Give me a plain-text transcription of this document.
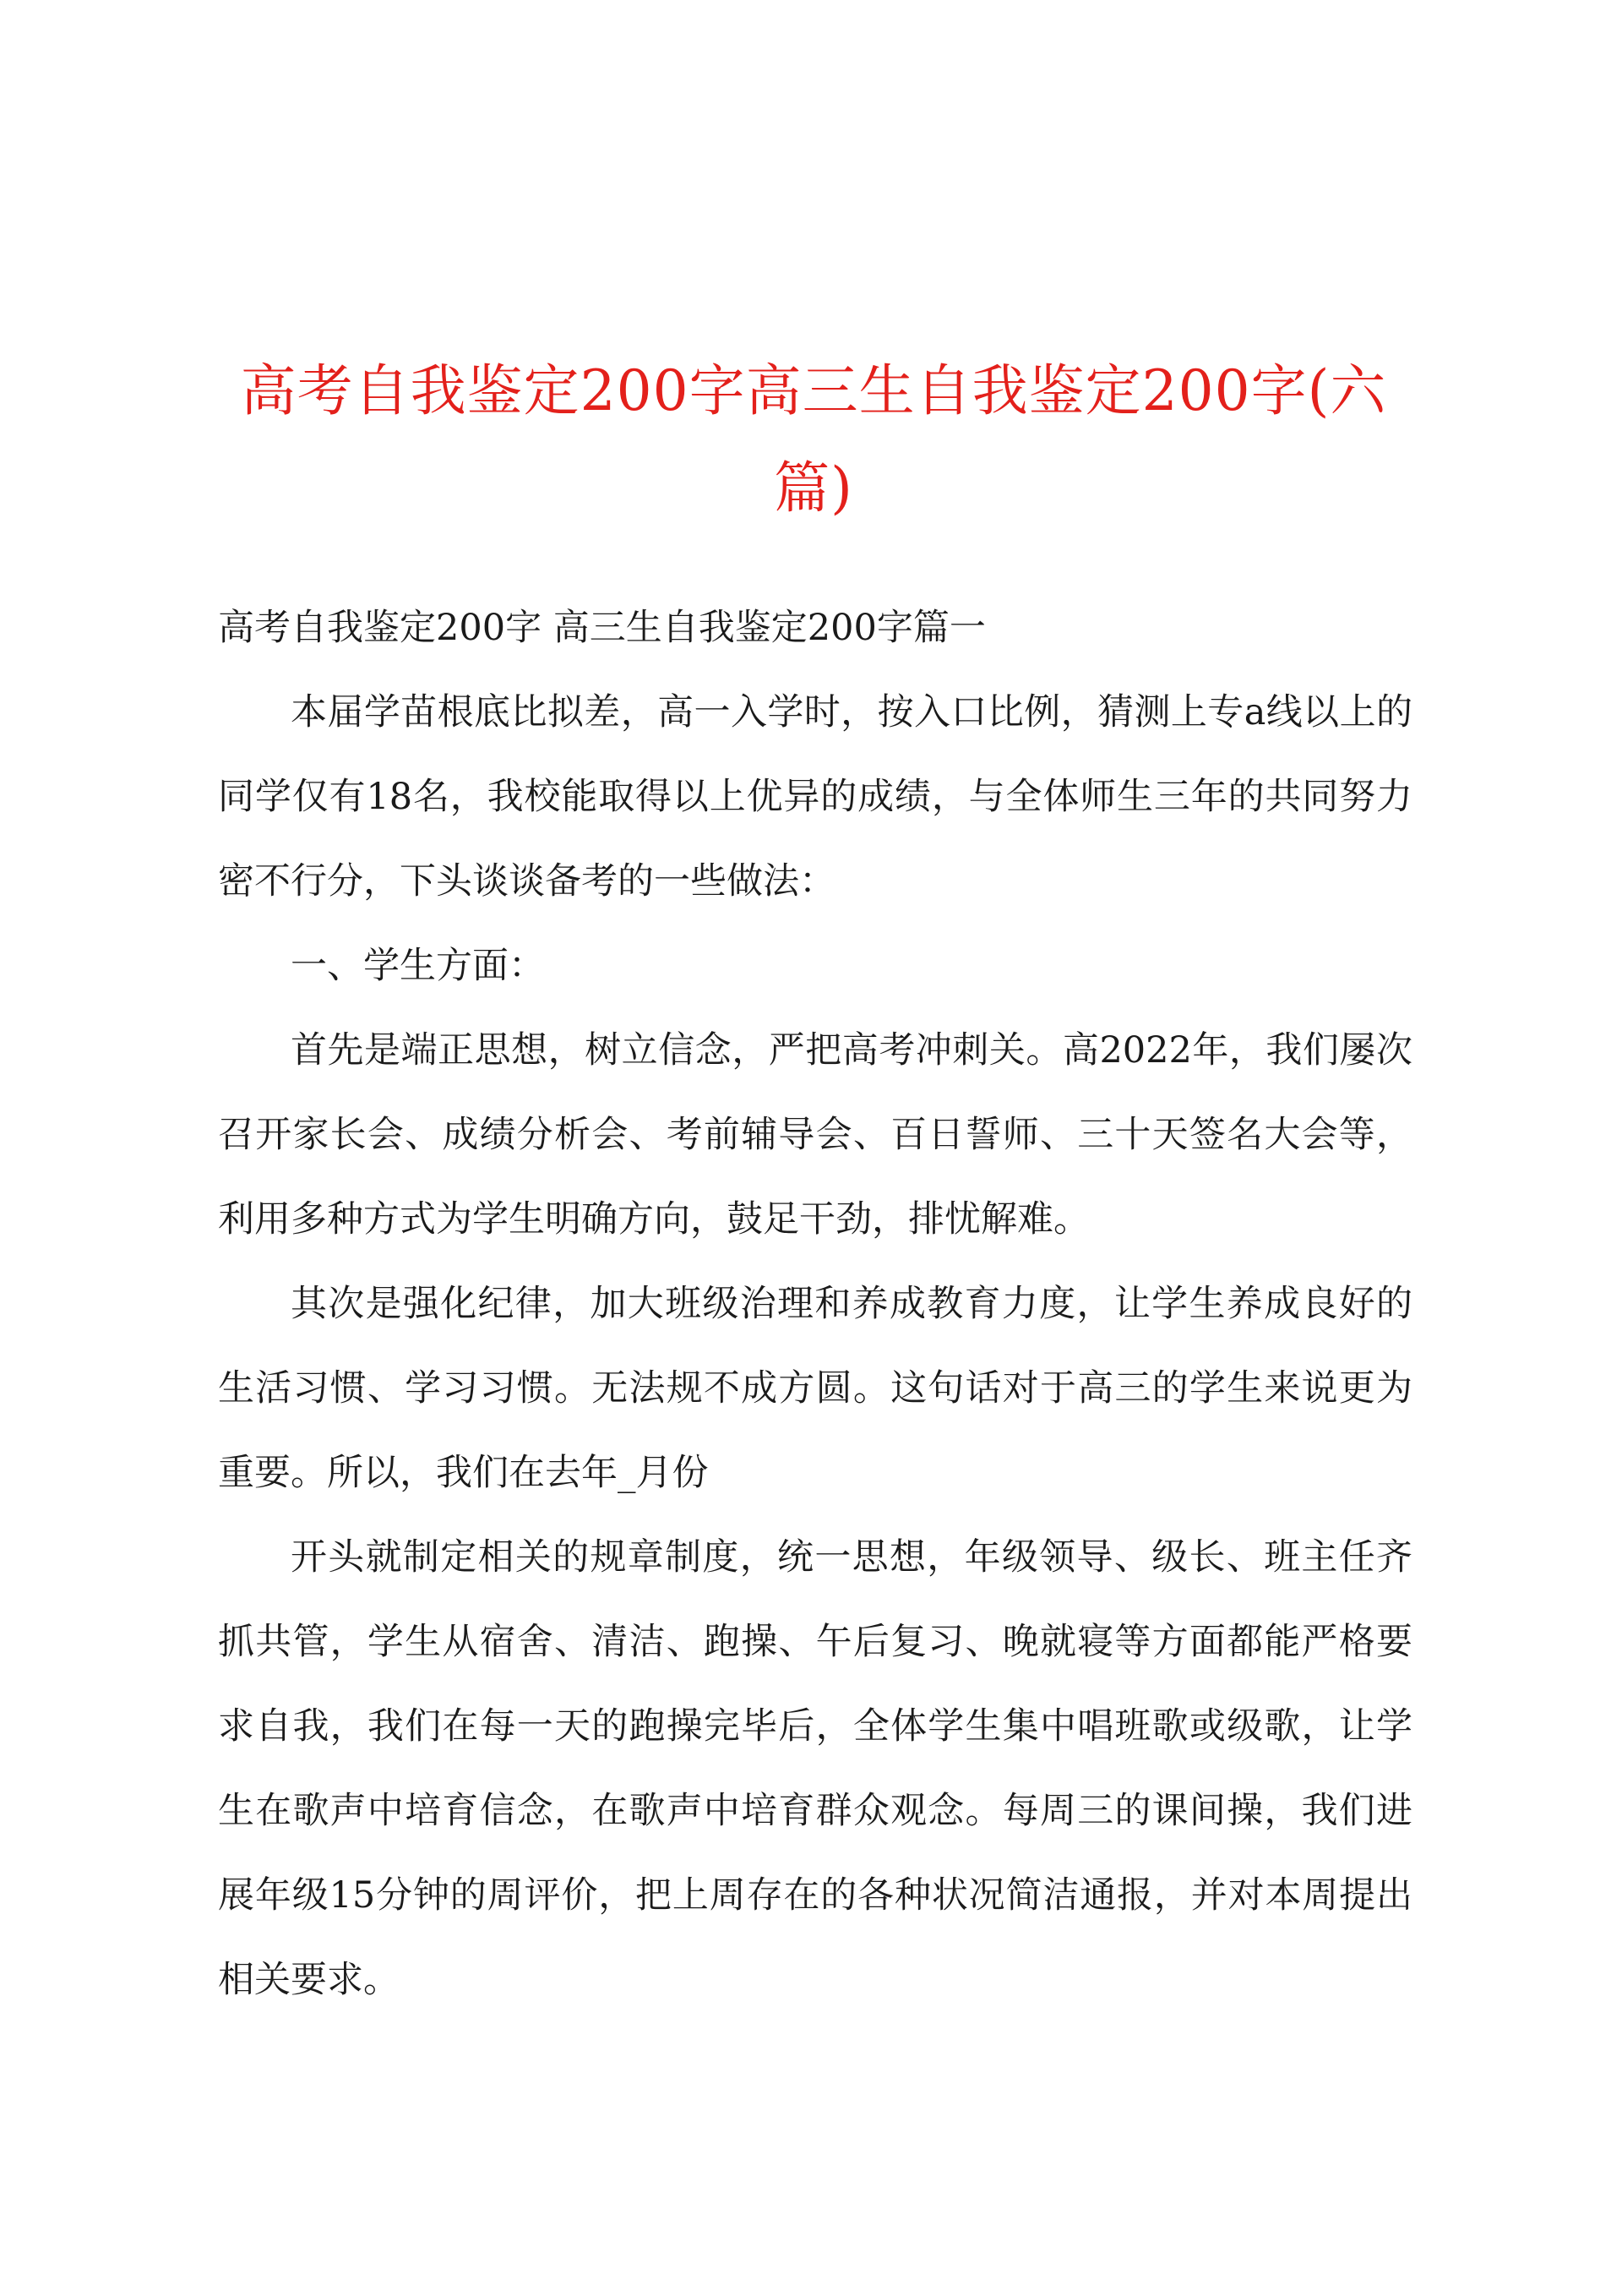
高考自我鉴定200字高三生自我鉴定200字(六篇)

高考自我鉴定200字 高三生自我鉴定200字篇一

本届学苗根底比拟差，高一入学时，按入口比例，猜测上专a线以上的同学仅有18名，我校能取得以上优异的成绩，与全体师生三年的共同努力密不行分，下头谈谈备考的一些做法：

一、学生方面：

首先是端正思想，树立信念，严把高考冲刺关。高2022年，我们屡次召开家长会、成绩分析会、考前辅导会、百日誓师、三十天签名大会等，利用多种方式为学生明确方向，鼓足干劲，排忧解难。

其次是强化纪律，加大班级治理和养成教育力度，让学生养成良好的生活习惯、学习习惯。无法规不成方圆。这句话对于高三的学生来说更为重要。所以，我们在去年_月份

开头就制定相关的规章制度，统一思想，年级领导、级长、班主任齐抓共管，学生从宿舍、清洁、跑操、午后复习、晚就寝等方面都能严格要求自我，我们在每一天的跑操完毕后，全体学生集中唱班歌或级歌，让学生在歌声中培育信念，在歌声中培育群众观念。每周三的课间操，我们进展年级15分钟的周评价，把上周存在的各种状况简洁通报，并对本周提出相关要求。
